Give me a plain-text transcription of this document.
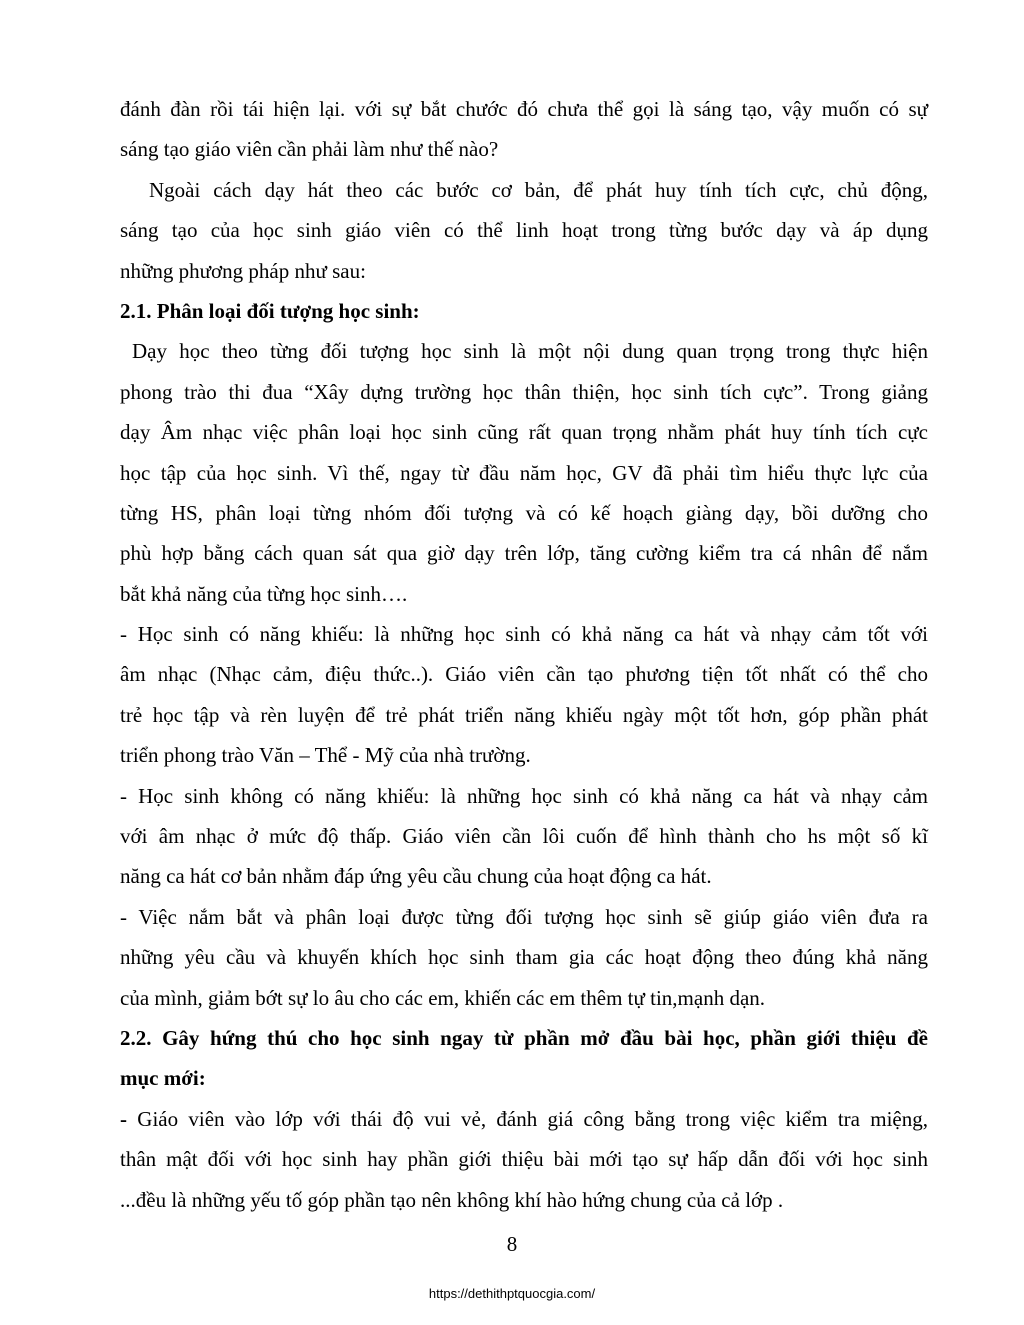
đánh đàn rồi tái hiện lại. với sự bắt chước đó chưa thể gọi là sáng tạo, vậy muốn có sự

sáng tạo giáo viên cần phải làm như thế nào?

Ngoài cách dạy hát theo các bước cơ bản, để phát huy tính tích cực, chủ động,

sáng tạo của học sinh giáo viên có thể linh hoạt trong từng bước dạy và áp dụng

những phương pháp như sau:

2.1. Phân loại đối tượng học sinh:

Dạy học theo từng đối tượng học sinh là một nội dung quan trọng trong thực hiện

phong trào thi đua “Xây dựng trường học thân thiện, học sinh tích cực”. Trong giảng

dạy Âm nhạc việc phân loại học sinh cũng rất quan trọng nhằm phát huy tính tích cực

học tập của học sinh. Vì thế, ngay từ đầu năm học, GV đã phải tìm hiểu thực lực của

từng HS, phân loại từng nhóm đối tượng và có kế hoạch giàng dạy, bồi dưỡng cho

phù hợp bằng cách quan sát qua giờ dạy trên lớp, tăng cường kiểm tra cá nhân để nắm

bắt khả năng của từng học sinh….

- Học sinh có năng khiếu: là những học sinh có khả năng ca hát và nhạy cảm tốt với

âm nhạc (Nhạc cảm, điệu thức..). Giáo viên cần tạo phương tiện tốt nhất có thể cho

trẻ học tập và rèn luyện để trẻ phát triển năng khiếu ngày một tốt hơn, góp phần phát

triển phong trào Văn – Thể - Mỹ của nhà trường.

- Học sinh không có năng khiếu: là những học sinh có khả năng ca hát và nhạy cảm

với âm nhạc ở mức độ thấp. Giáo viên cần lôi cuốn để hình thành cho hs một số kĩ

năng ca hát cơ bản nhằm đáp ứng yêu cầu chung của hoạt động ca hát.

- Việc nắm bắt và phân loại được từng đối tượng học sinh sẽ giúp giáo viên đưa ra

những yêu cầu và khuyến khích học sinh tham gia các hoạt động theo đúng khả năng

của mình, giảm bớt sự lo âu cho các em, khiến các em thêm tự tin,mạnh dạn.

2.2. Gây hứng thú cho học sinh ngay từ phần mở đầu bài học, phần giới thiệu đề

mục mới:

- Giáo viên vào lớp với thái độ vui vẻ, đánh giá công bằng trong việc kiểm tra miệng,

thân mật đối với học sinh hay phần giới thiệu bài mới tạo sự hấp dẫn đối với học sinh

...đều là những yếu tố góp phần tạo nên không khí hào hứng chung của cả lớp .

8
https://dethithptquocgia.com/
